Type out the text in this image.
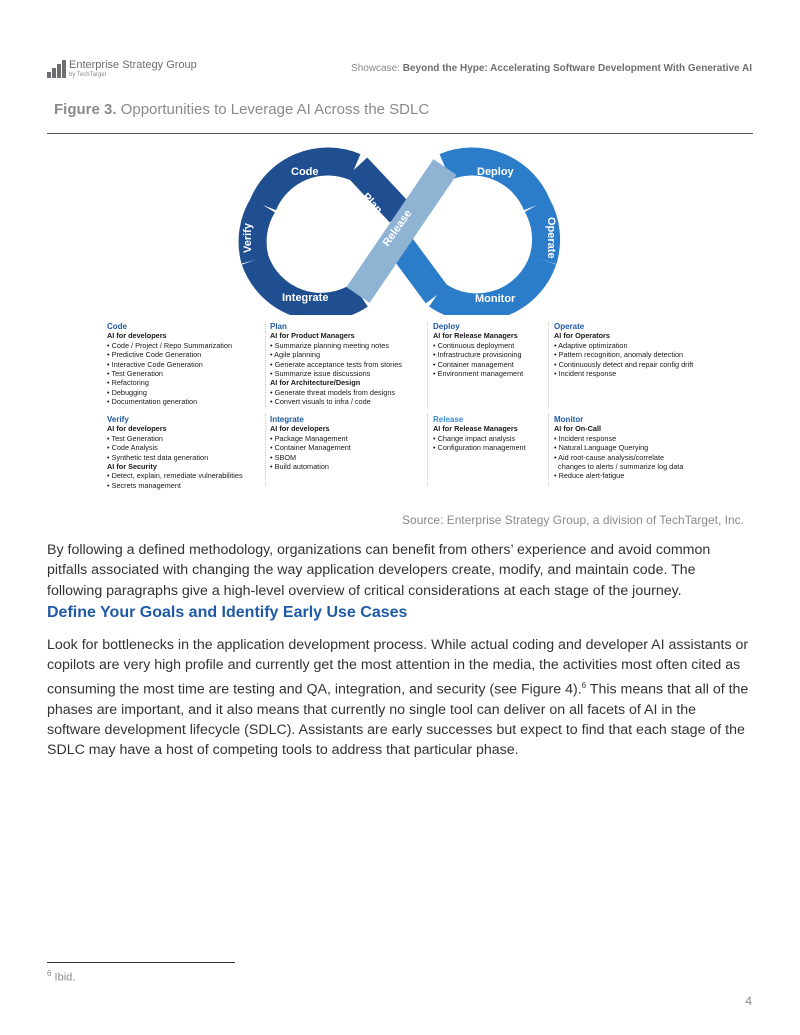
Enterprise Strategy Group
by TechTarget
Showcase: Beyond the Hype: Accelerating Software Development With Generative AI
Figure 3. Opportunities to Leverage AI Across the SDLC
Code	Deploy
Integrate	Monitor
Verify	Operate
Plan
Release
Code
AI for developers
• Code / Project / Repo Summarization
• Predictive Code Generation
• Interactive Code Generation
• Test Generation
• Refactoring
• Debugging
• Documentation generation
Plan
AI for Product Managers
• Summarize planning meeting notes
• Agile planning
• Generate acceptance tests from stories
• Summarize issue discussions
AI for Architecture/Design
• Generate threat models from designs
• Convert visuals to infra / code
Deploy
AI for Release Managers
• Continuous deployment
• Infrastructure provisioning
• Container management
• Environment management
Operate
AI for Operators
• Adaptive optimization
• Pattern recognition, anomaly detection
• Continuously detect and repair config drift
• Incident response
Verify
AI for developers
• Test Generation
• Code Analysis
• Synthetic test data generation
AI for Security
• Detect, explain, remediate vulnerabilities
• Secrets management
Integrate
AI for developers
• Package Management
• Container Management
• SBOM
• Build automation
Release
AI for Release Managers
• Change impact analysis
• Configuration management
Monitor
AI for On-Call
• Incident response
• Natural Language Querying
• Aid root-cause analysis/correlate
changes to alerts / summarize log data
• Reduce alert-fatigue
Source: Enterprise Strategy Group, a division of TechTarget, Inc.
By following a defined methodology, organizations can benefit from others’ experience and avoid common pitfalls associated with changing the way application developers create, modify, and maintain code. The following paragraphs give a high-level overview of critical considerations at each stage of the journey.
Define Your Goals and Identify Early Use Cases
Look for bottlenecks in the application development process. While actual coding and developer AI assistants or copilots are very high profile and currently get the most attention in the media, the activities most often cited as consuming the most time are testing and QA, integration, and security (see Figure 4).$^6$ This means that all of the phases are important, and it also means that currently no single tool can deliver on all facets of AI in the software development lifecycle (SDLC). Assistants are early successes but expect to find that each stage of the SDLC may have a host of competing tools to address that particular phase.
$^6$ Ibid.
4
